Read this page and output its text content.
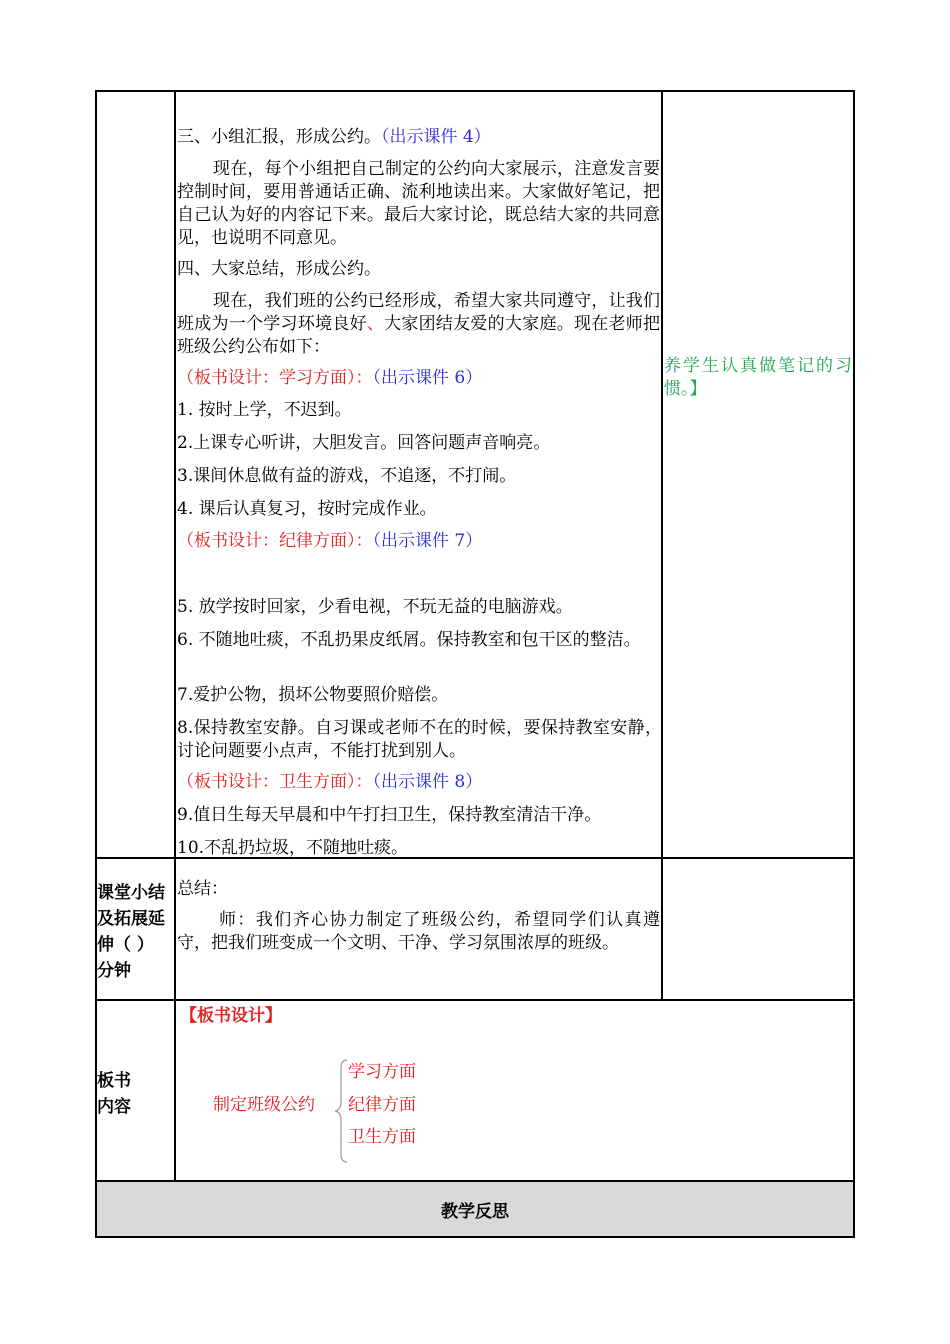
三、小组汇报，形成公约。（出示课件 4）
现在，每个小组把自己制定的公约向大家展示，注意发言要控制时间，要用普通话正确、流利地读出来。大家做好笔记，把自己认为好的内容记下来。最后大家讨论，既总结大家的共同意见，也说明不同意见。
四、大家总结，形成公约。
现在，我们班的公约已经形成，希望大家共同遵守，让我们班成为一个学习环境良好、大家团结友爱的大家庭。现在老师把班级公约公布如下：
（板书设计：学习方面）：（出示课件 6）
1. 按时上学，不迟到。
2.上课专心听讲，大胆发言。回答问题声音响亮。
3.课间休息做有益的游戏，不追逐，不打闹。
4. 课后认真复习，按时完成作业。
（板书设计：纪律方面）：（出示课件 7）
5. 放学按时回家，少看电视，不玩无益的电脑游戏。
6. 不随地吐痰，不乱扔果皮纸屑。保持教室和包干区的整洁。
7.爱护公物，损坏公物要照价赔偿。
8.保持教室安静。自习课或老师不在的时候，要保持教室安静，讨论问题要小点声，不能打扰到别人。
（板书设计：卫生方面）：（出示课件 8）
9.值日生每天早晨和中午打扫卫生，保持教室清洁干净。
10.不乱扔垃圾，不随地吐痰。
养学生认真做笔记的习惯。】
课堂小结
及拓展延
伸（ ）
分钟
总结：
师：我们齐心协力制定了班级公约，希望同学们认真遵守，把我们班变成一个文明、干净、学习氛围浓厚的班级。
板书
内容
【板书设计】
制定班级公约
学习方面
纪律方面
卫生方面
教学反思
